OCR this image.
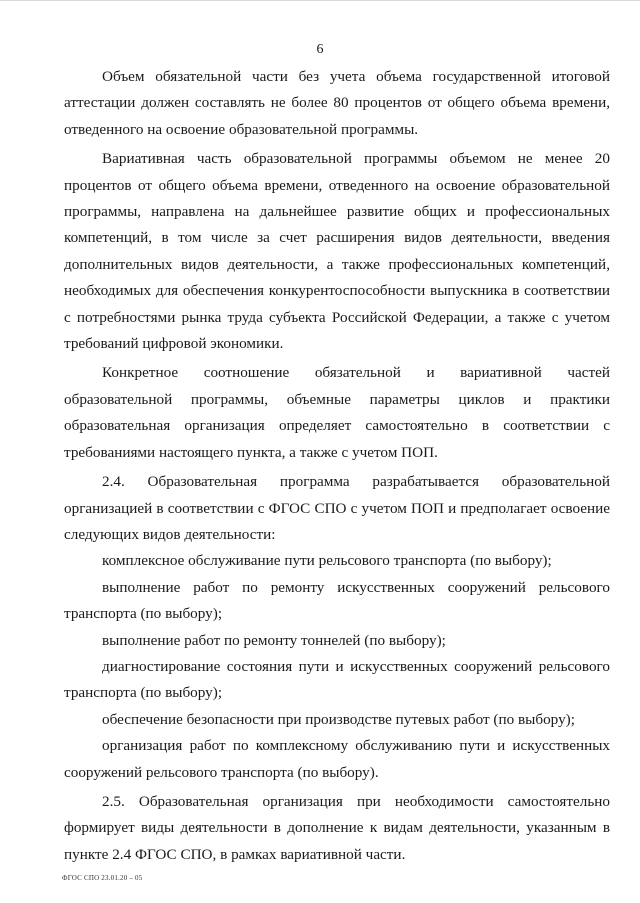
6

Объем обязательной части без учета объема государственной итоговой аттестации должен составлять не более 80 процентов от общего объема времени, отведенного на освоение образовательной программы.

Вариативная часть образовательной программы объемом не менее 20 процентов от общего объема времени, отведенного на освоение образовательной программы, направлена на дальнейшее развитие общих и профессиональных компетенций, в том числе за счет расширения видов деятельности, введения дополнительных видов деятельности, а также профессиональных компетенций, необходимых для обеспечения конкурентоспособности выпускника в соответствии с потребностями рынка труда субъекта Российской Федерации, а также с учетом требований цифровой экономики.

Конкретное соотношение обязательной и вариативной частей образовательной программы, объемные параметры циклов и практики образовательная организация определяет самостоятельно в соответствии с требованиями настоящего пункта, а также с учетом ПОП.

2.4. Образовательная программа разрабатывается образовательной организацией в соответствии с ФГОС СПО с учетом ПОП и предполагает освоение следующих видов деятельности:

комплексное обслуживание пути рельсового транспорта (по выбору);

выполнение работ по ремонту искусственных сооружений рельсового транспорта (по выбору);

выполнение работ по ремонту тоннелей (по выбору);

диагностирование состояния пути и искусственных сооружений рельсового транспорта (по выбору);

обеспечение безопасности при производстве путевых работ (по выбору);

организация работ по комплексному обслуживанию пути и искусственных сооружений рельсового транспорта (по выбору).

2.5. Образовательная организация при необходимости самостоятельно формирует виды деятельности в дополнение к видам деятельности, указанным в пункте 2.4 ФГОС СПО, в рамках вариативной части.

ФГОС СПО 23.01.20 – 05
